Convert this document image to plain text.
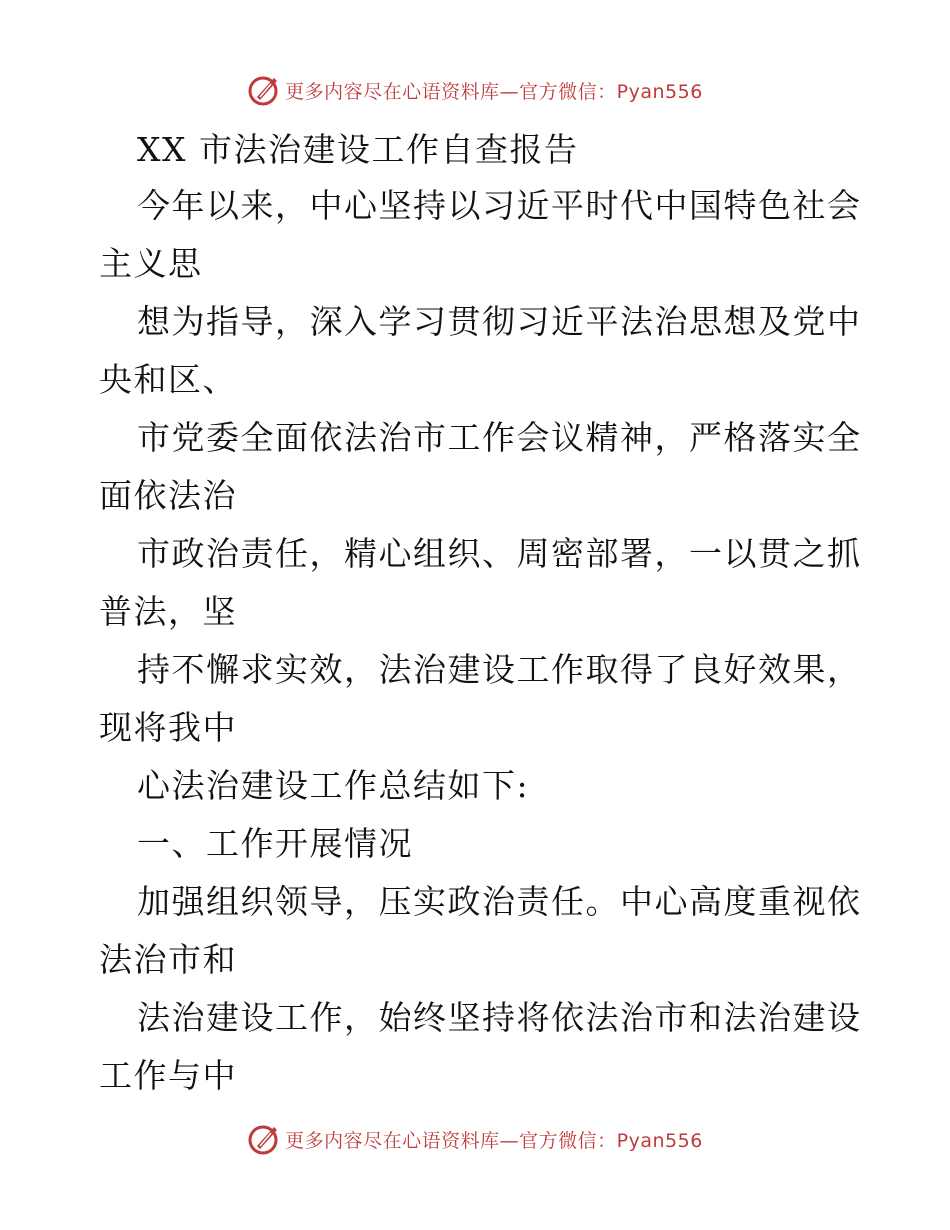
更多内容尽在心语资料库—官方微信：Pyan556
XX 市法治建设工作自查报告
今年以来，中心坚持以习近平时代中国特色社会
主义思
想为指导，深入学习贯彻习近平法治思想及党中
央和区、
市党委全面依法治市工作会议精神，严格落实全
面依法治
市政治责任，精心组织、周密部署，一以贯之抓
普法，坚
持不懈求实效，法治建设工作取得了良好效果，
现将我中
心法治建设工作总结如下:
一、工作开展情况
加强组织领导，压实政治责任。中心高度重视依
法治市和
法治建设工作，始终坚持将依法治市和法治建设
工作与中
更多内容尽在心语资料库—官方微信：Pyan556
